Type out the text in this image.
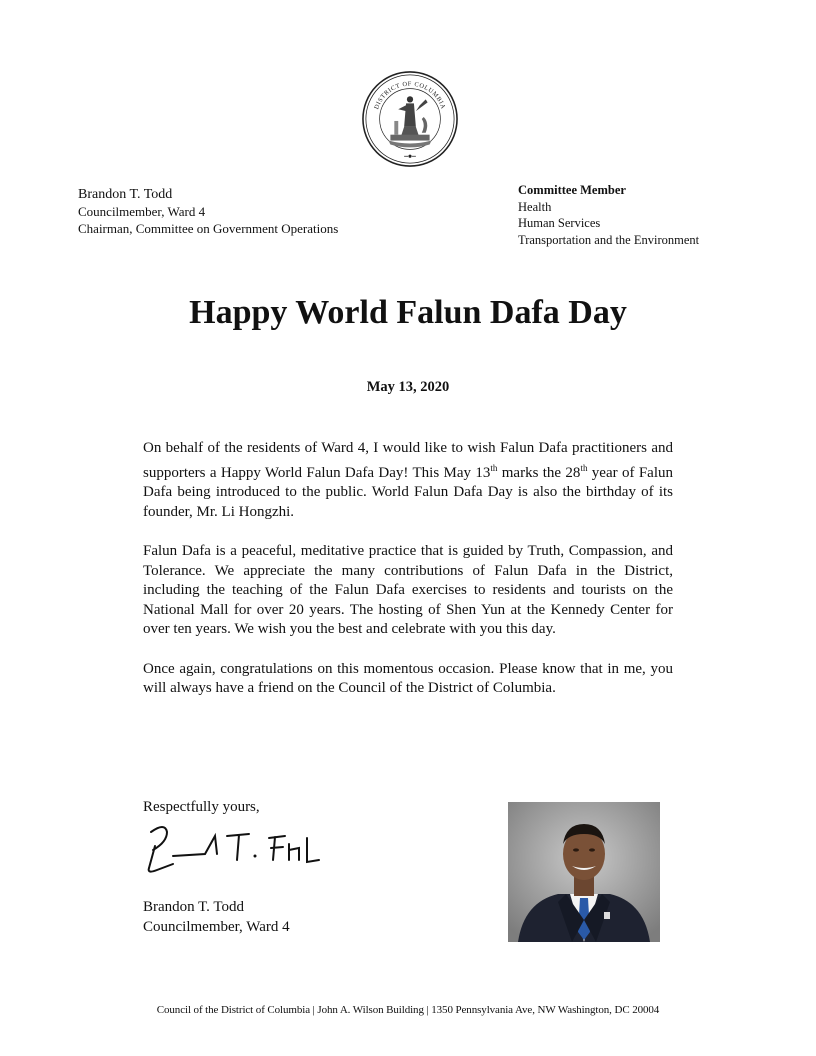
DISTRICT OF COLUMBIA
Brandon T. Todd
Councilmember, Ward 4
Chairman, Committee on Government Operations
Committee Member
Health
Human Services
Transportation and the Environment
Happy World Falun Dafa Day
May 13, 2020

On behalf of the residents of Ward 4, I would like to wish Falun Dafa practitioners and supporters a Happy World Falun Dafa Day! This May 13th marks the 28th year of Falun Dafa being introduced to the public. World Falun Dafa Day is also the birthday of its founder, Mr. Li Hongzhi.

Falun Dafa is a peaceful, meditative practice that is guided by Truth, Compassion, and Tolerance. We appreciate the many contributions of Falun Dafa in the District, including the teaching of the Falun Dafa exercises to residents and tourists on the National Mall for over 20 years. The hosting of Shen Yun at the Kennedy Center for over ten years. We wish you the best and celebrate with you this day.

Once again, congratulations on this momentous occasion. Please know that in me, you will always have a friend on the Council of the District of Columbia.

Respectfully yours,
Brandon T. Todd
Councilmember, Ward 4
Council of the District of Columbia | John A. Wilson Building | 1350 Pennsylvania Ave, NW Washington, DC 20004
